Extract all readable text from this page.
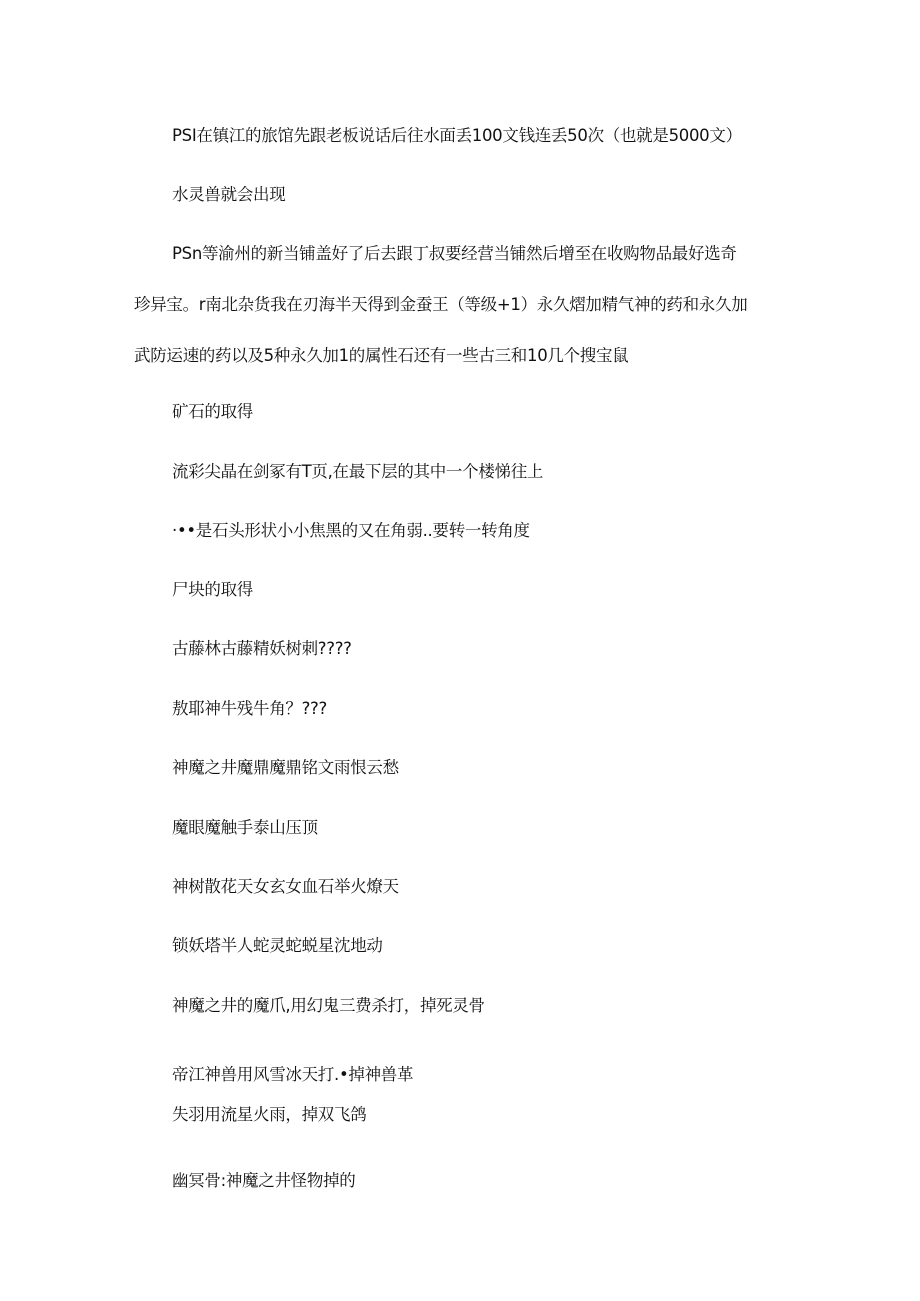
PSI在镇江的旅馆先跟老板说话后往水面丢100文钱连丢50次（也就是5000文）
水灵兽就会出现
PSn等渝州的新当铺盖好了后去跟丁叔要经营当铺然后增至在收购物品最好选奇
珍异宝。r南北杂货我在刃海半天得到金蚕王（等级+1）永久熠加精气神的药和永久加
武防运速的药以及5种永久加1的属性石还有一些古三和10几个搜宝鼠
矿石的取得
流彩尖晶在剑冢有T页,在最下层的其中一个楼悌往上
·••是石头形状小小焦黑的又在角弱..要转一转角度
尸块的取得
古藤林古藤精妖树刺????
敖耶神牛残牛角？???
神魔之井魔鼎魔鼎铭文雨恨云愁
魔眼魔触手泰山压顶
神树散花天女玄女血石举火燎天
锁妖塔半人蛇灵蛇蜕星沈地动
神魔之井的魔爪,用幻鬼三费杀打，掉死灵骨
帝江神兽用风雪冰天打.•掉神兽革
失羽用流星火雨，掉双飞鸽
幽冥骨:神魔之井怪物掉的
